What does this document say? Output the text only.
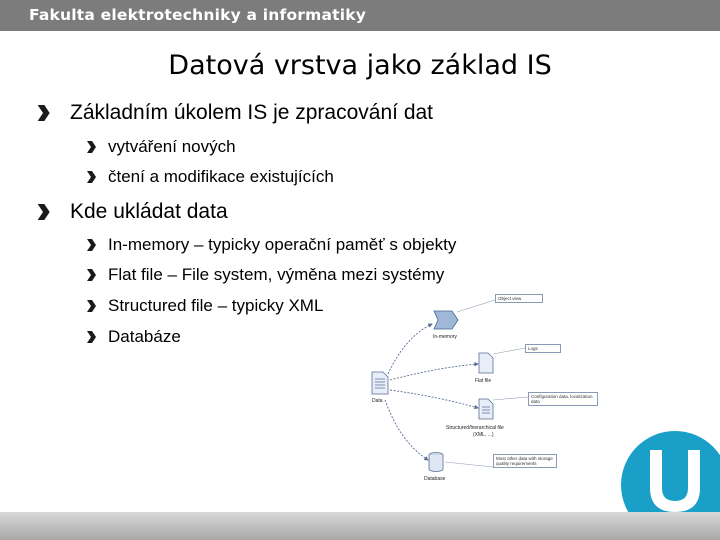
Fakulta elektrotechniky a informatiky
Datová vrstva jako základ IS
Základním úkolem IS je zpracování dat
vytváření nových
čtení a modifikace existujících
Kde ukládat data
In-memory – typicky operační paměť s objekty
Flat file – File system, výměna mezi systémy
Structured file – typicky XML
Databáze
Data
In-memory
Flat file
Structured/hierarchical file
(XML, ...)
Database
Object view
Logs
Configuration data, localization data
Most other data with storage quality requirements
